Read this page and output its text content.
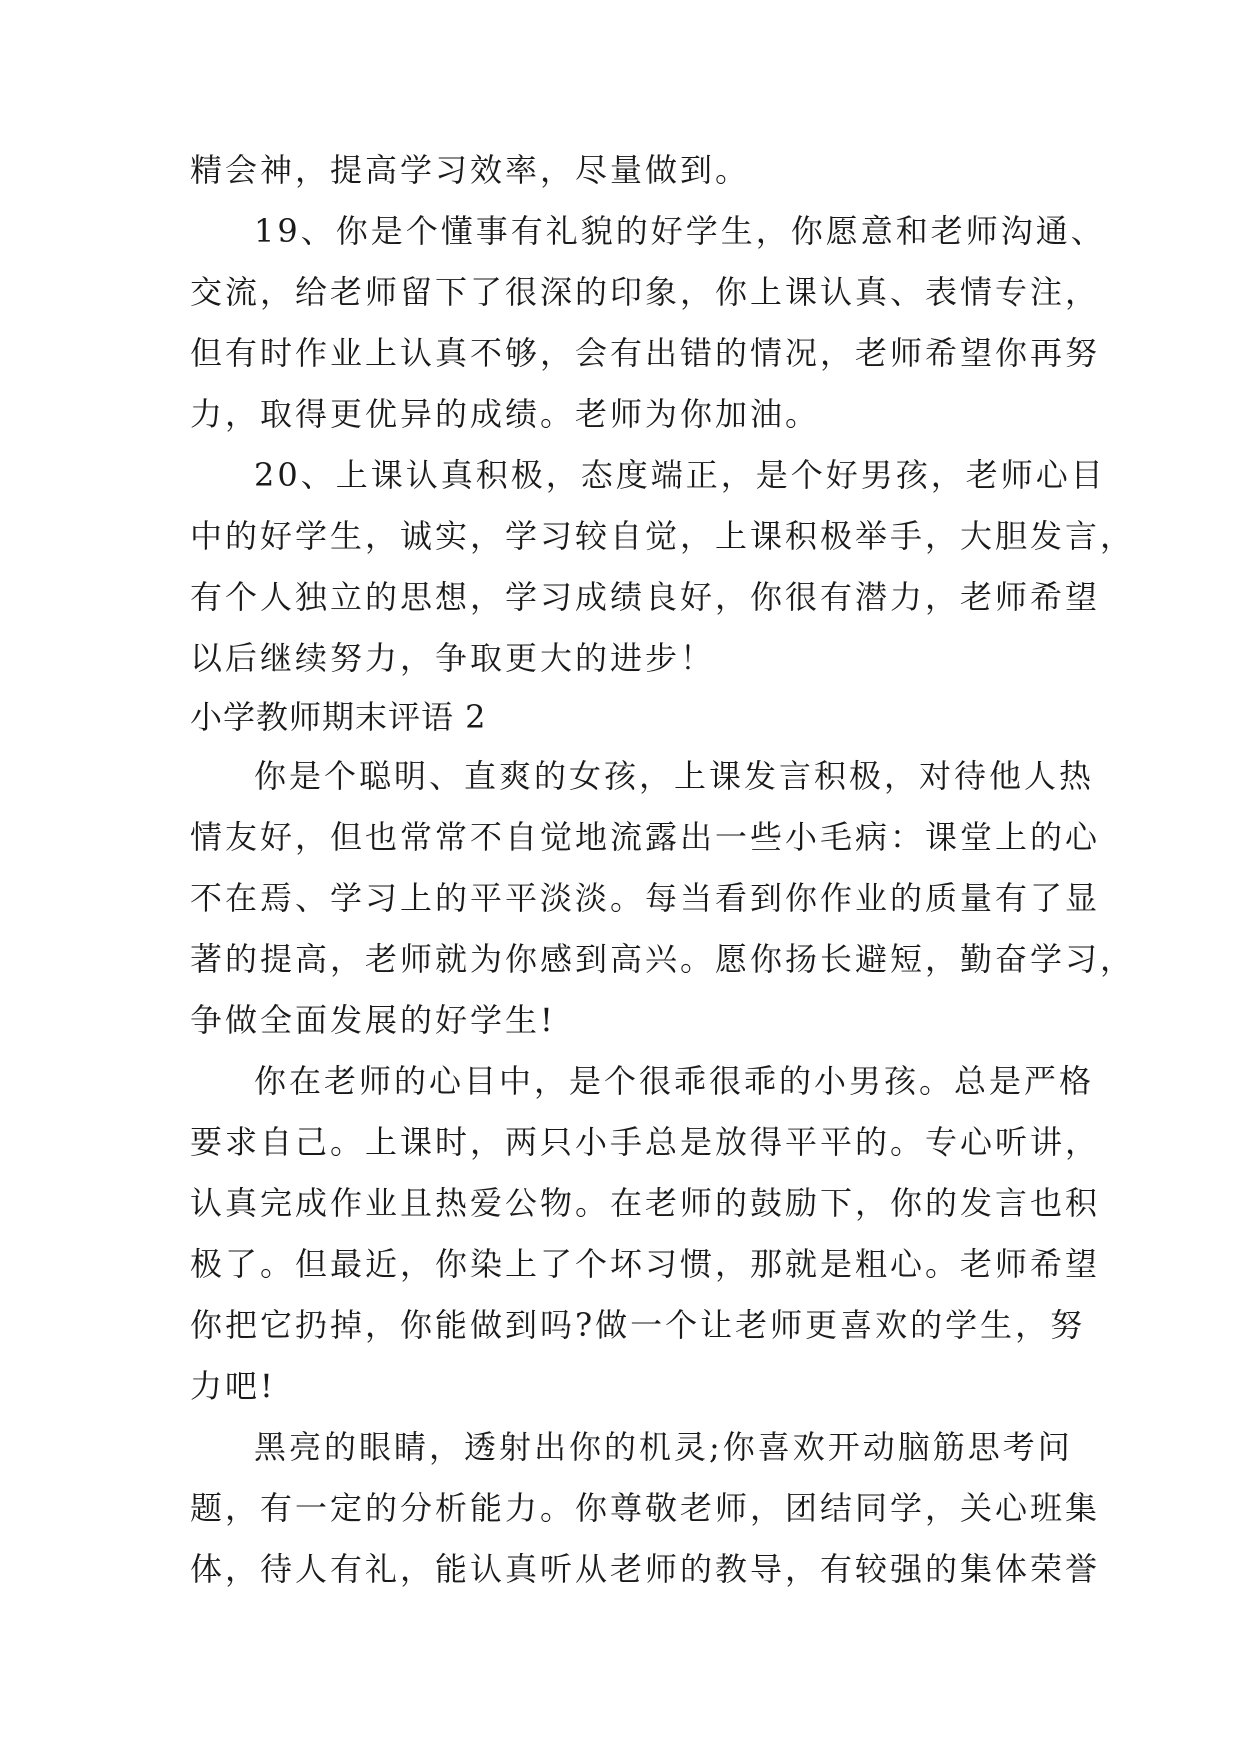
精会神，提高学习效率，尽量做到。
19、你是个懂事有礼貌的好学生，你愿意和老师沟通、
交流，给老师留下了很深的印象，你上课认真、表情专注，
但有时作业上认真不够，会有出错的情况，老师希望你再努
力，取得更优异的成绩。老师为你加油。
20、上课认真积极，态度端正，是个好男孩，老师心目
中的好学生，诚实，学习较自觉，上课积极举手，大胆发言，
有个人独立的思想，学习成绩良好，你很有潜力，老师希望
以后继续努力，争取更大的进步！
小学教师期末评语 2
你是个聪明、直爽的女孩，上课发言积极，对待他人热
情友好，但也常常不自觉地流露出一些小毛病：课堂上的心
不在焉、学习上的平平淡淡。每当看到你作业的质量有了显
著的提高，老师就为你感到高兴。愿你扬长避短，勤奋学习，
争做全面发展的好学生!
你在老师的心目中，是个很乖很乖的小男孩。总是严格
要求自己。上课时，两只小手总是放得平平的。专心听讲，
认真完成作业且热爱公物。在老师的鼓励下，你的发言也积
极了。但最近，你染上了个坏习惯，那就是粗心。老师希望
你把它扔掉，你能做到吗?做一个让老师更喜欢的学生，努
力吧!
黑亮的眼睛，透射出你的机灵;你喜欢开动脑筋思考问
题，有一定的分析能力。你尊敬老师，团结同学，关心班集
体，待人有礼，能认真听从老师的教导，有较强的集体荣誉
